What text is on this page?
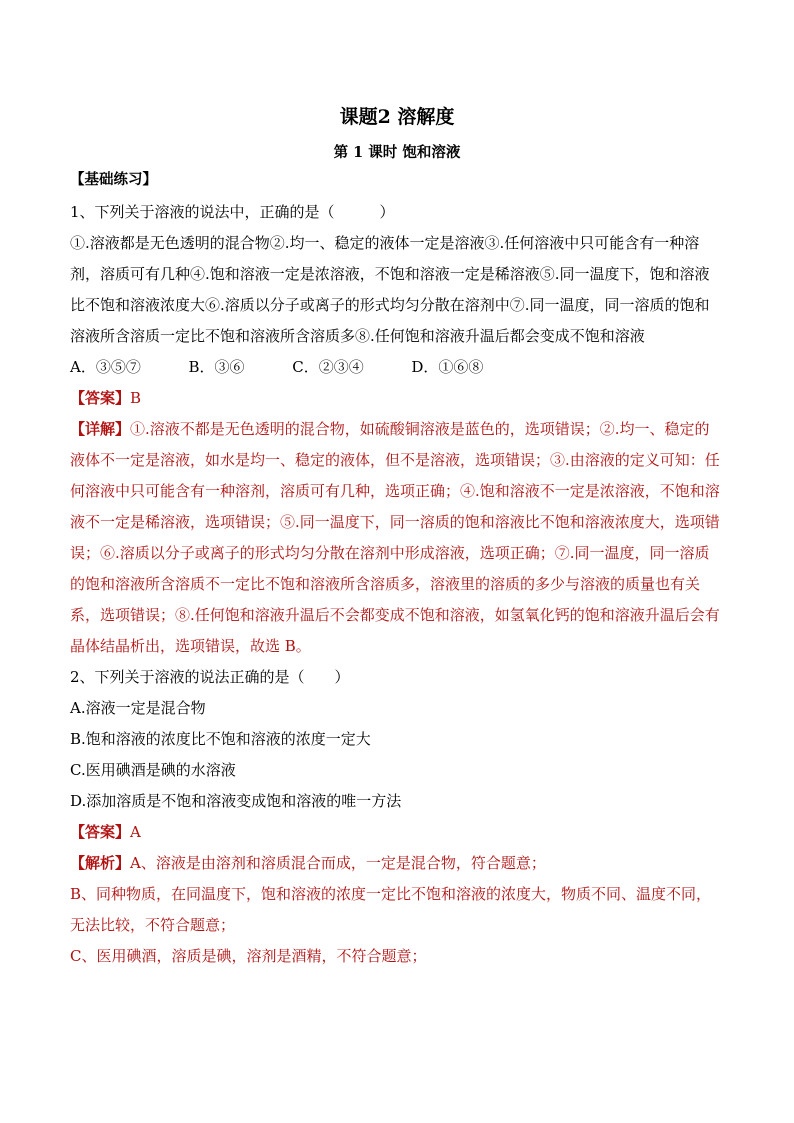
课题2 溶解度
第 1 课时 饱和溶液
【基础练习】

1、下列关于溶液的说法中，正确的是（　　　）

①.溶液都是无色透明的混合物②.均一、稳定的液体一定是溶液③.任何溶液中只可能含有一种溶剂，溶质可有几种④.饱和溶液一定是浓溶液，不饱和溶液一定是稀溶液⑤.同一温度下，饱和溶液比不饱和溶液浓度大⑥.溶质以分子或离子的形式均匀分散在溶剂中⑦.同一温度，同一溶质的饱和溶液所含溶质一定比不饱和溶液所含溶质多⑧.任何饱和溶液升温后都会变成不饱和溶液

A．③⑤⑦          B．③⑥          C．②③④          D．①⑥⑧

【答案】B

【详解】①.溶液不都是无色透明的混合物，如硫酸铜溶液是蓝色的，选项错误；②.均一、稳定的液体不一定是溶液，如水是均一、稳定的液体，但不是溶液，选项错误；③.由溶液的定义可知：任何溶液中只可能含有一种溶剂，溶质可有几种，选项正确；④.饱和溶液不一定是浓溶液，不饱和溶液不一定是稀溶液，选项错误；⑤.同一温度下，同一溶质的饱和溶液比不饱和溶液浓度大，选项错误；⑥.溶质以分子或离子的形式均匀分散在溶剂中形成溶液，选项正确；⑦.同一温度，同一溶质的饱和溶液所含溶质不一定比不饱和溶液所含溶质多，溶液里的溶质的多少与溶液的质量也有关系，选项错误；⑧.任何饱和溶液升温后不会都变成不饱和溶液，如氢氧化钙的饱和溶液升温后会有晶体结晶析出，选项错误，故选 B。

2、下列关于溶液的说法正确的是（　　）

A.溶液一定是混合物

B.饱和溶液的浓度比不饱和溶液的浓度一定大

C.医用碘酒是碘的水溶液

D.添加溶质是不饱和溶液变成饱和溶液的唯一方法

【答案】A

【解析】A、溶液是由溶剂和溶质混合而成，一定是混合物，符合题意；

B、同种物质，在同温度下，饱和溶液的浓度一定比不饱和溶液的浓度大，物质不同、温度不同，无法比较，不符合题意；

C、医用碘酒，溶质是碘，溶剂是酒精，不符合题意；
